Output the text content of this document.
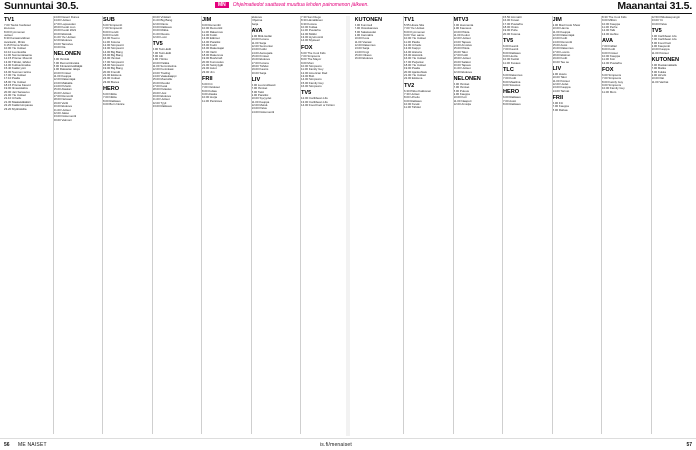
Sunnuntai 30.5.	MN	Ohjelmatiedot saattavat muuttua lehden painomenon jälkeen.	Maanantai 31.5.
TV1
7.00 Tiedot huoltoset
kis-kova
8.00 Kymmenen
uutiset
8.30 Kansainvälinen
Avantarin, Miniä
9.15 Prisma Studio
10.00 Yle Uutiset
10.10 Luontosilta
11.00 Sunnuntaiaamu
12.15 Prisma: Muumit
13.00 Tähdet, tähdet
14.00 Kulttuurimatka
15.40 Kaikki yöni
16.00 Suomen tarina
17.00 Yle Uutiset
17.10 Pasila
18.00 Yle Uutiset
18.15 Prisma Kasvot
19.00 Ilmastolabra
20.00 Jari Sarasvuo
21.00 Yle Uutiset
21.10 Urheilu
21.30 Maalaislääkäri
22.20 Kaikki kimpassa
23.20 Myöhäisilta
14.00 Desert Dunes
24.00 Uutiset
17.00 Lapsuuden
18.00 Kevät mun
19.00 Kevät 2021
20.00 Elämää
21.00 Yle Uutiset
22.00 Elokuva
23.00 Tanssiva
00.00 Ilta
NELONEN
6.00 Ihmisiä
7.00 Remonttireiska
8.00 Kiinteistövälittäjät
9.00 Rakastan taloja
10.00 Ihmiset
11.00 Kauppa
12.00 Rakentajat
13.00 Matkalla
14.00 Puhelin
15.00 Alaskan
16.00 Uutiset
17.00 Remontti
18.00 Nelosen
19.00 Vartti
20.00 Elokuva
21.00 Uutiset
22.00 Jakso
23.00 Dokumentti
00.00 Vaimoni
SUB
6.00 Simpsonit
7.00 Simpsonit
8.00 Frendit
9.00 Frendit
10.00 Teemu
11.00 Kotona
12.00 Simpsonit
13.00 Simpsonit
14.00 Big Bang
15.00 Big Bang
16.00 Ihmiset
17.00 Simpsonit
18.00 Simpsonit
19.00 Big Bang
20.00 Frendit
21.00 Elokuva
22.00 Uutiset
23.00 Bones
HERO
6.00 Nikita
7.00 Nikita
8.00 Rakkaus
9.00 Burn Notice
20.00 Vinkkari
21.00 Big Bang
22.00 Ramu
23.00 Rakkaus
00.00 Riikka
01.00 Illuusio
02.00 Lumi
TV5
6.00 Teini-äidit
7.00 Teini-äidit
8.00 Äiti
9.00 Yölintu
10.00 Paikka
11.00 Sommitelma
12.00 Kuninkaat
13.00 Trading
14.00 Vaatekaappi
15.00 Muotoiltu
16.00 Ruudut
17.00 Kesä
18.00 Pelastus
19.00 Uusi
20.00 Elokuva
21.00 Uutiset
22.00 Tyyli
23.00 Rakkaus
JIM
9.00 Remonttii
10.00 Remonttii
11.00 Rakennus
12.00 Kotiin
13.00 Eläimet
14.00 Paratiisi
15.00 Kodit
16.00 Rakentajat
17.00 Vartti
18.00 Rakennus
19.00 Bushcraft
20.00 Kunnostus
21.00 Selviytyjät
22.00 Autot
23.00 Jim
FRII
6.00 Frii
7.00 Ostokset
8.00 Kultaa
9.00 Alaska
10.00 Hurja
11.00 Perämies
Elokuva
Ohjelma
Sarja
AVA
9.00 Mitä tiedän
10.00 Kotona
11.00 Sarja
12.00 Sunnuntai
13.00 Kokki
14.00 Aamupala
15.00 Ihmiset
16.00 Elokuva
17.00 Kotona
18.00 Tähdet
19.00 Kaunis
20.00 Sarja
LIV
6.00 Luonnollisesti
7.00 Ihmiset
8.00 Talot
9.00 Paratiisi
10.00 Syvyydet
11.00 Kauppa
12.00 Metsä
13.00 Paluu
14.00 Dokumentti
7.30 San Diego
8.30 Hämäläinen
9.30 Kotona
10.00 Kultaa
11.00 Puutarha
12.00 Mökki
13.00 Hyvinvointi
14.00 Mysteeri
FOX
6.00 The Cool Kids
7.00 Simpsons
8.00 The Mayor
9.00 Mom
10.00 Simpsons
11.00 Family Guy
12.00 American Dad
13.00 Bob
14.00 Simpsons
15.00 Family Guy
16.00 Simpsons
TV5
12.00 Caribbean Life
13.00 Caribbean Life
14.00 Food Fact or Fiction
KUTONEN
6.00 Kummeli
7.00 Ostoskanava
8.00 Salaisuudet
9.00 Cannabis
10.00 Kova
11.00 Vieraat
12.00 Rakennus
13.00 Sarja
14.00 Kingi
15.00 Oikeus
16.00 Elokuva
TV1
5.55 Hissie Sila
7.00 Yle Uutiset
8.00 Kymmenen
9.00 Ylen aamu
10.00 Yle Uutiset
11.00 Pasila
12.00 Urheilu
13.00 Karppi
14.00 Historia
15.00 Hämärä
16.00 Yle Uutiset
17.00 Perjantai
18.00 Yle Uutiset
19.00 Pasila
20.00 Ajankohtais
21.00 Yle Uutiset
22.00 Elokuva
TV2
6.30 Pikku Kakkonen
7.30 Uutiset
8.00 Urheilu
9.00 Rakkaus
10.00 Kevät
11.00 Tähdet
MTV3
6.00 Huomenta
9.00 Kauneus
10.00 Piilota
11.00 Koulut
12.00 Uutiset
13.00 Tapaus
14.00 Arvoitus
15.00 Piilota
16.00 Talot
17.00 Kokit
18.00 Uutiset
19.00 Salatut
20.00 Tapaus
21.00 Uutiset
22.00 Elokuva
NELONEN
6.00 Ihmiset
7.00 Ihmiset
8.00 Putous
9.00 Kauppa
10.00 Koti
11.00 Naapuri
12.00 Arvioija
15.50 Ammatti
16.00 Kovan
17.00 Puutarha
18.00 Ostos
19.00 Puhe
20.00 Kotona
TV5
6.00 Kauniit
7.00 Kauniit
8.00 Rakkaus
9.00 Huvila
10.00 Keittiö
11.00 Kuvaus
TLC
6.00 Rakennus
7.00 Kodit
8.00 Maailma
9.00 Sisustus
HERO
6.00 Rakkaus
7.00 Autot
8.00 Rakkaus
JIM
9.00 Mad Cook Show
10.00 Hannu
11.00 Kauppa
12.00 Rakentajat
13.00 Kodit
14.00 Remontti
15.00 Autot
16.00 Rakennus
17.00 Luonto
18.00 Eläimet
19.00 Kodit
20.00 Tee se
LIV
9.00 Huuto
10.00 Talot
11.00 Ihmiset
12.00 Uudet
13.00 Kauppa
14.00 Tarinat
FRII
6.00 Frii
7.00 Kauppa
8.00 Rahaa
8.30 The Cool Kids
9.00 Milloin
10.00 Kauppa
11.00 Perhe
12.00 Talk
13.00 Hehku
AVA
7.00 Fiidlari
8.00 Kodit
9.00 Ihmiset
10.00 Kauppa
11.00 Koti
12.00 Puutarha
FOX
6.00 Simpsons
7.00 Simpsons
8.00 Family Guy
9.00 Simpsons
10.00 Family Guy
11.00 Mom
22.50 Pikkukaupungin
23.00 Yö
00.00 Paluu
TV5
6.00 Caribbean Life
7.00 Caribbean Life
8.00 Food Fact
9.00 Kaupunki
10.00 Kauppa
11.00 Ihmiset
KUTONEN
6.00 Ruokamatkailu
7.00 Matka
8.00 Kukka
9.00 Hirviöt
10.00 Illat
11.00 Vanhat
56 ME NAISET	is.fi/menaiset	57
